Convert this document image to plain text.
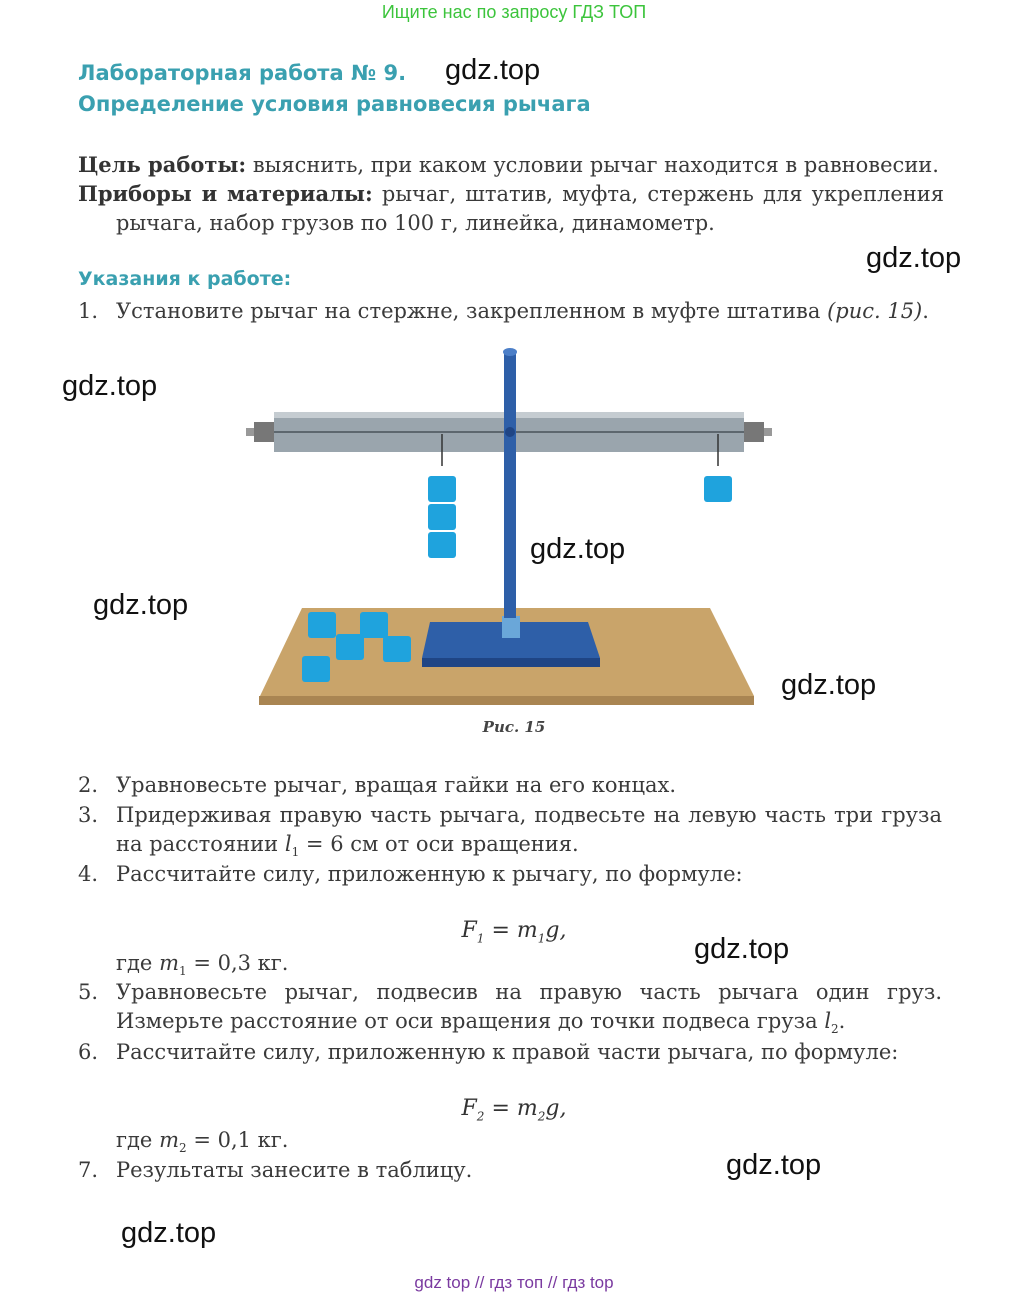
Ищите нас по запросу ГДЗ ТОП
Лабораторная работа № 9.
Определение условия равновесия рычага
gdz.top
Цель работы: выяснить, при каком условии рычаг находится в равновесии.
Приборы и материалы: рычаг, штатив, муфта, стержень для укрепления рычага, набор грузов по 100 г, линейка, динамометр.
gdz.top
Указания к работе:
1. Установите рычаг на стержне, закрепленном в муфте штатива (рис. 15).
gdz.top
gdz.top
gdz.top
gdz.top
Рис. 15
2. Уравновесьте рычаг, вращая гайки на его концах.
3. Придерживая правую часть рычага, подвесьте на левую часть три груза на расстоянии $l_1 = 6$ см от оси вращения.
4. Рассчитайте силу, приложенную к рычагу, по формуле:
$F_1 = m_1g$,
gdz.top
где $m_1 = 0,3$ кг.
5. Уравновесьте рычаг, подвесив на правую часть рычага один груз. Измерьте расстояние от оси вращения до точки подвеса груза $l_2$.
6. Рассчитайте силу, приложенную к правой части рычага, по формуле:
$F_2 = m_2g$,
где $m_2 = 0,1$ кг.
7. Результаты занесите в таблицу.	gdz.top
gdz.top
gdz top // гдз топ // гдз top
